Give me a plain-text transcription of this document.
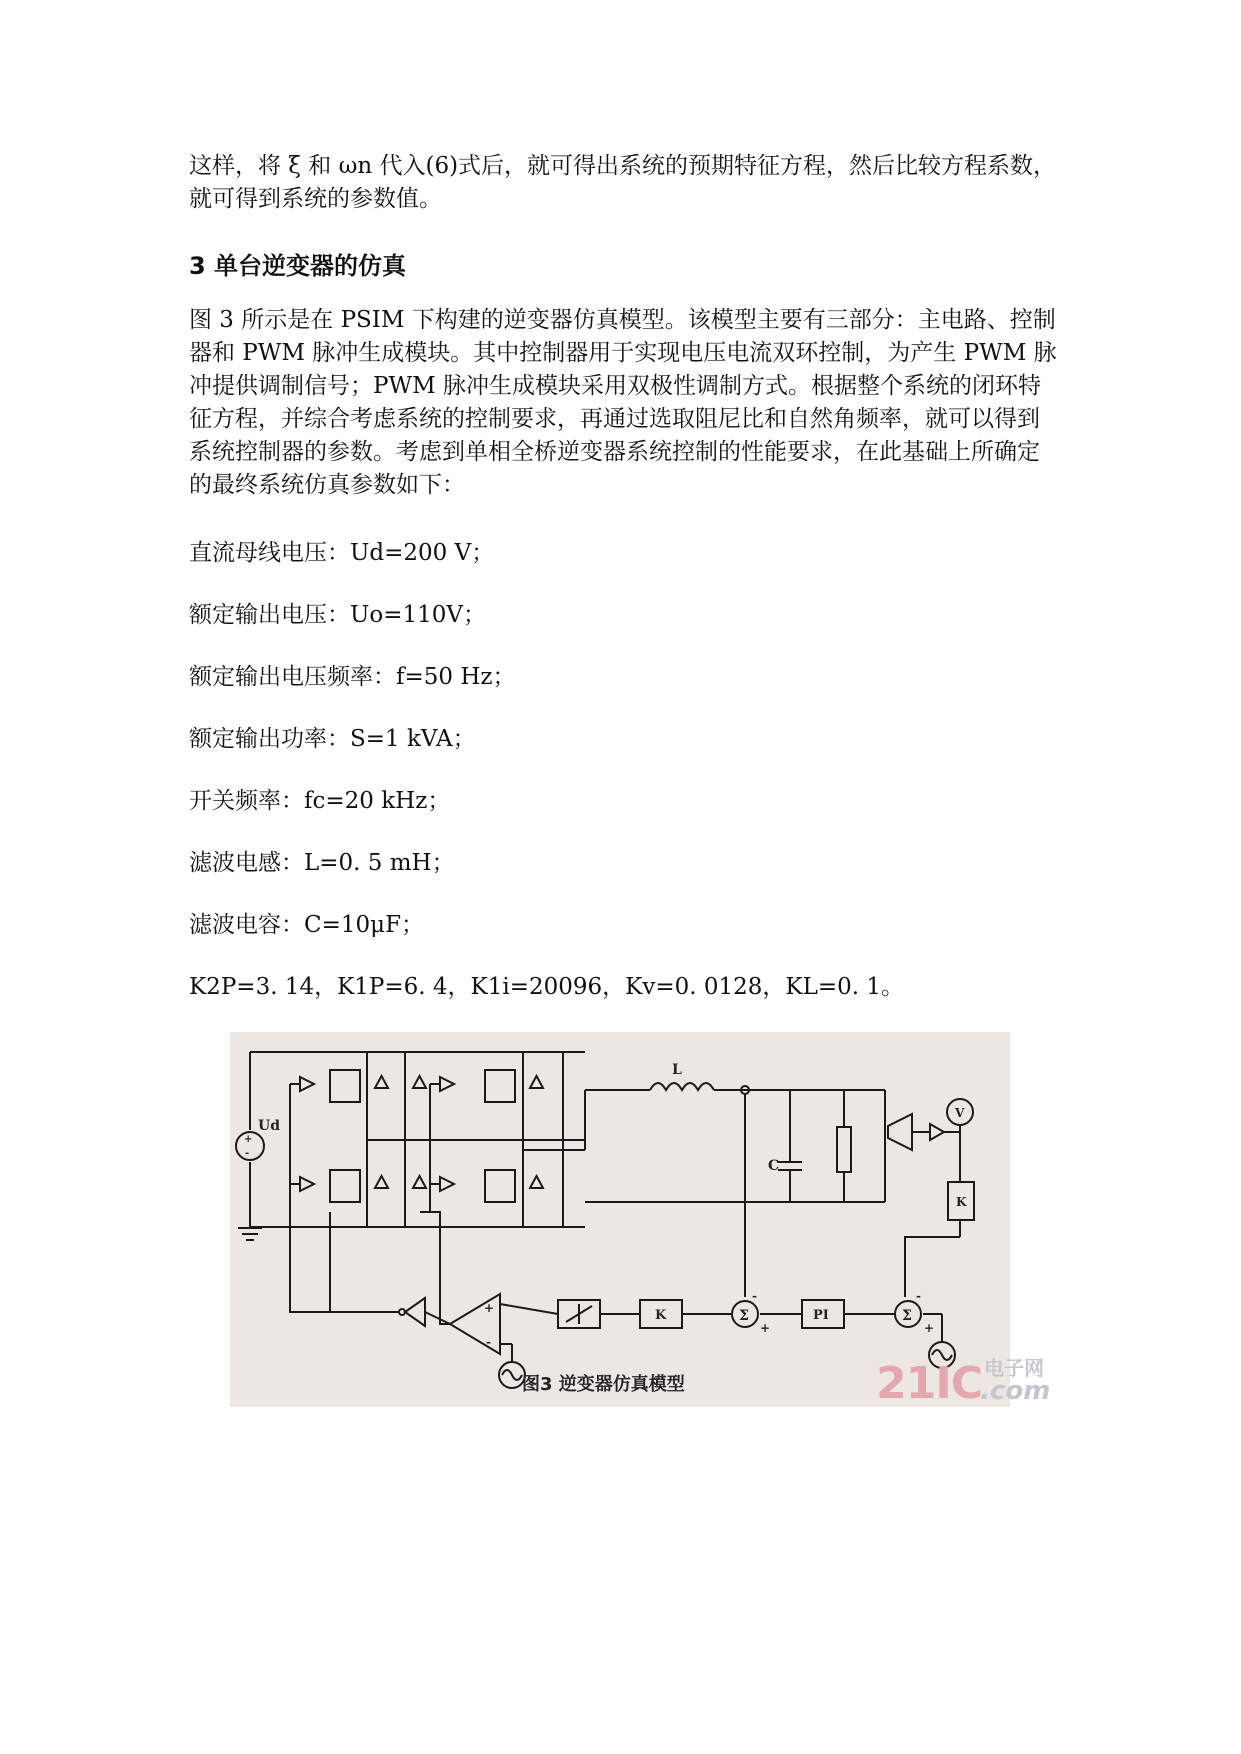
这样，将 ξ 和 ωn 代入(6)式后，就可得出系统的预期特征方程，然后比较方程系数，就可得到系统的参数值。

3 单台逆变器的仿真

图 3 所示是在 PSIM 下构建的逆变器仿真模型。该模型主要有三部分：主电路、控制器和 PWM 脉冲生成模块。其中控制器用于实现电压电流双环控制，为产生 PWM 脉冲提供调制信号；PWM 脉冲生成模块采用双极性调制方式。根据整个系统的闭环特征方程，并综合考虑系统的控制要求，再通过选取阻尼比和自然角频率，就可以得到系统控制器的参数。考虑到单相全桥逆变器系统控制的性能要求，在此基础上所确定的最终系统仿真参数如下：

直流母线电压：Ud=200 V；

额定输出电压：Uo=110V；

额定输出电压频率：f=50 Hz；

额定输出功率：S=1 kVA；

开关频率：fc=20 kHz；

滤波电感：L=0. 5 mH；

滤波电容：C=10μF；

K2P=3. 14，K1P=6. 4，K1i=20096，Kv=0. 0128，KL=0. 1。

+
-
Σ
Σ
-
+
-
+
+
-
Ud
L
C
V
K
K	PI
21IC 电子网
.com
图3 逆变器仿真模型
